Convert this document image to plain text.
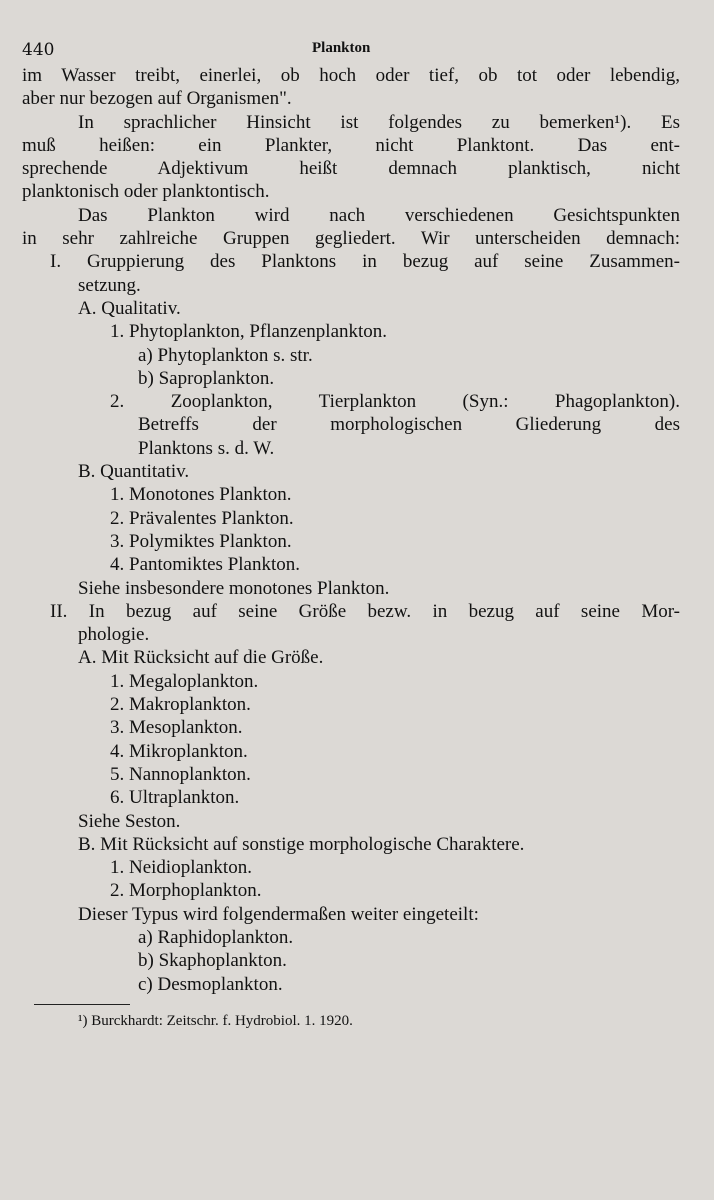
440	Plankton

im Wasser treibt, einerlei, ob hoch oder tief, ob tot oder lebendig,

aber nur bezogen auf Organismen".

In sprachlicher Hinsicht ist folgendes zu bemerken¹). Es

muß heißen: ein Plankter, nicht Planktont. Das ent-

sprechende Adjektivum heißt demnach planktisch, nicht

planktonisch oder planktontisch.

Das Plankton wird nach verschiedenen Gesichtspunkten

in sehr zahlreiche Gruppen gegliedert. Wir unterscheiden demnach:

I. Gruppierung des Planktons in bezug auf seine Zusammen-

setzung.

A. Qualitativ.

1. Phytoplankton, Pflanzenplankton.

a) Phytoplankton s. str.

b) Saproplankton.

2. Zooplankton, Tierplankton (Syn.: Phagoplankton).

Betreffs der morphologischen Gliederung des

Planktons s. d. W.

B. Quantitativ.

1. Monotones Plankton.

2. Prävalentes Plankton.

3. Polymiktes Plankton.

4. Pantomiktes Plankton.

Siehe insbesondere monotones Plankton.

II. In bezug auf seine Größe bezw. in bezug auf seine Mor-

phologie.

A. Mit Rücksicht auf die Größe.

1. Megaloplankton.

2. Makroplankton.

3. Mesoplankton.

4. Mikroplankton.

5. Nannoplankton.

6. Ultraplankton.

Siehe Seston.

B. Mit Rücksicht auf sonstige morphologische Charaktere.

1. Neidioplankton.

2. Morphoplankton.

Dieser Typus wird folgendermaßen weiter eingeteilt:

a) Raphidoplankton.

b) Skaphoplankton.

c) Desmoplankton.

¹) Burckhardt: Zeitschr. f. Hydrobiol. 1. 1920.
